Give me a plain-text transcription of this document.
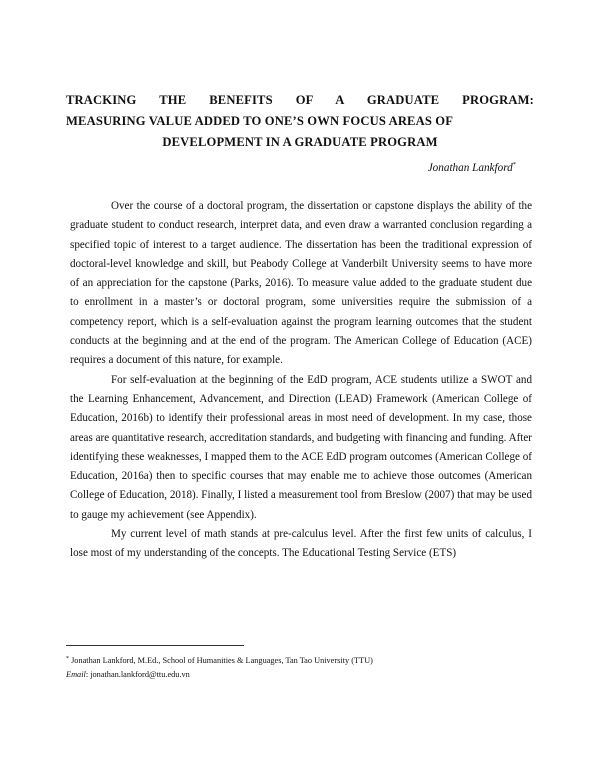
TRACKING THE BENEFITS OF A GRADUATE PROGRAM:
MEASURING VALUE ADDED TO ONE’S OWN FOCUS AREAS OF
DEVELOPMENT IN A GRADUATE PROGRAM
Jonathan Lankford*

Over the course of a doctoral program, the dissertation or capstone displays the ability of the graduate student to conduct research, interpret data, and even draw a warranted conclusion regarding a specified topic of interest to a target audience. The dissertation has been the traditional expression of doctoral-level knowledge and skill, but Peabody College at Vanderbilt University seems to have more of an appreciation for the capstone (Parks, 2016). To measure value added to the graduate student due to enrollment in a master’s or doctoral program, some universities require the submission of a competency report, which is a self-evaluation against the program learning outcomes that the student conducts at the beginning and at the end of the program. The American College of Education (ACE) requires a document of this nature, for example.

For self-evaluation at the beginning of the EdD program, ACE students utilize a SWOT and the Learning Enhancement, Advancement, and Direction (LEAD) Framework (American College of Education, 2016b) to identify their professional areas in most need of development. In my case, those areas are quantitative research, accreditation standards, and budgeting with financing and funding. After identifying these weaknesses, I mapped them to the ACE EdD program outcomes (American College of Education, 2016a) then to specific courses that may enable me to achieve those outcomes (American College of Education, 2018). Finally, I listed a measurement tool from Breslow (2007) that may be used to gauge my achievement (see Appendix).

My current level of math stands at pre-calculus level. After the first few units of calculus, I lose most of my understanding of the concepts. The Educational Testing Service (ETS)

* Jonathan Lankford, M.Ed., School of Humanities & Languages, Tan Tao University (TTU)
Email: jonathan.lankford@ttu.edu.vn
